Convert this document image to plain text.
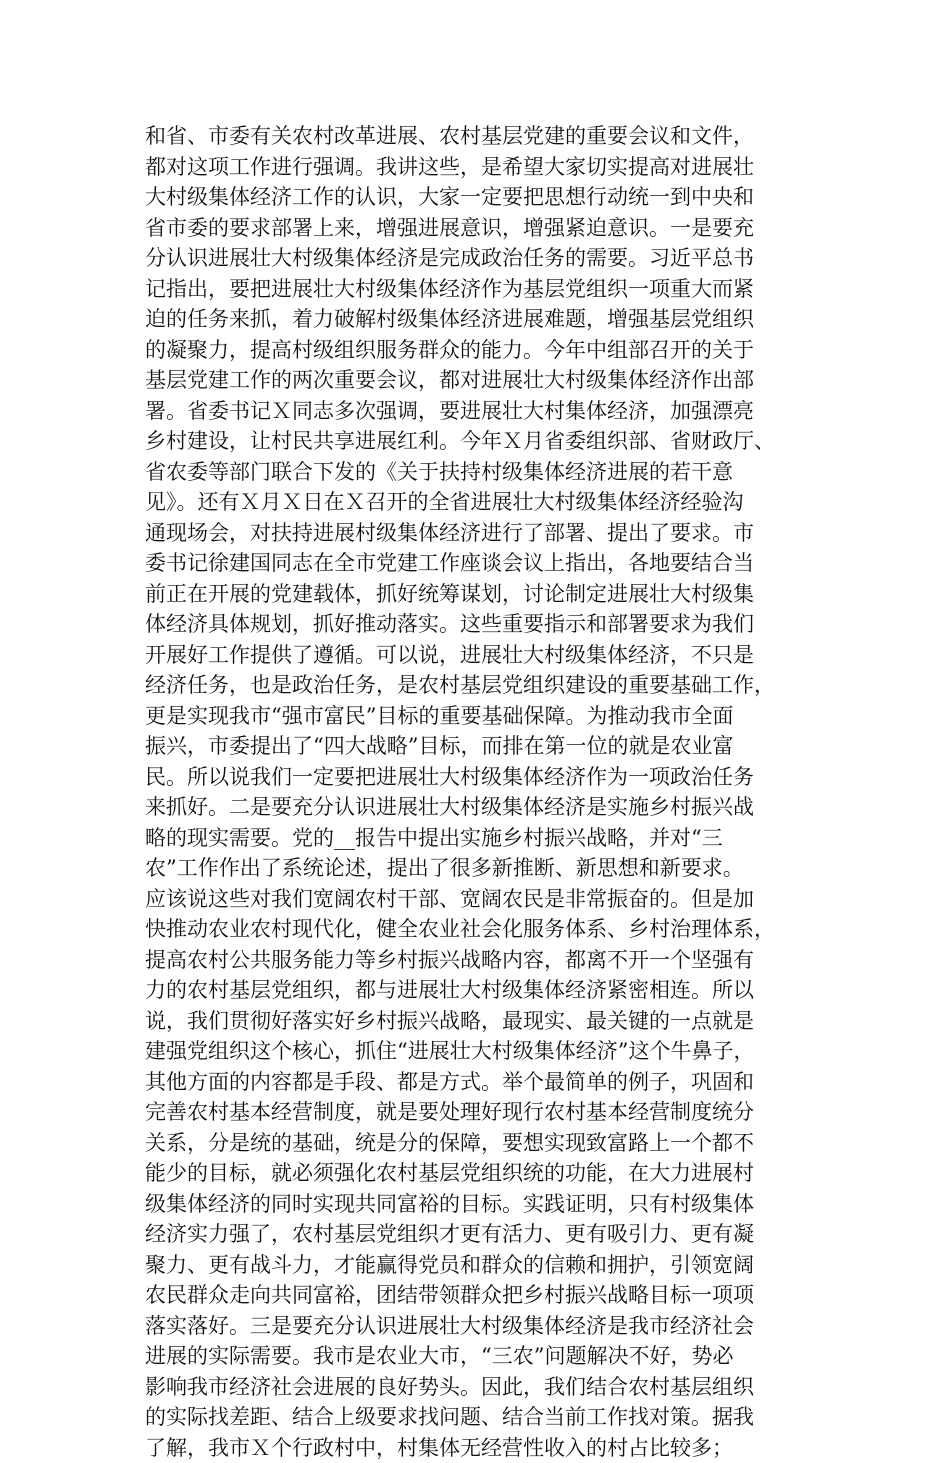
和省、市委有关农村改革进展、农村基层党建的重要会议和文件，
都对这项工作进行强调。我讲这些，是希望大家切实提高对进展壮
大村级集体经济工作的认识，大家一定要把思想行动统一到中央和
省市委的要求部署上来，增强进展意识，增强紧迫意识。一是要充
分认识进展壮大村级集体经济是完成政治任务的需要。习近平总书
记指出，要把进展壮大村级集体经济作为基层党组织一项重大而紧
迫的任务来抓，着力破解村级集体经济进展难题，增强基层党组织
的凝聚力，提高村级组织服务群众的能力。今年中组部召开的关于
基层党建工作的两次重要会议，都对进展壮大村级集体经济作出部
署。省委书记Ｘ同志多次强调，要进展壮大村集体经济，加强漂亮
乡村建设，让村民共享进展红利。今年Ｘ月省委组织部、省财政厅、
省农委等部门联合下发的《关于扶持村级集体经济进展的若干意
见》。还有Ｘ月Ｘ日在Ｘ召开的全省进展壮大村级集体经济经验沟
通现场会，对扶持进展村级集体经济进行了部署、提出了要求。市
委书记徐建国同志在全市党建工作座谈会议上指出，各地要结合当
前正在开展的党建载体，抓好统筹谋划，讨论制定进展壮大村级集
体经济具体规划，抓好推动落实。这些重要指示和部署要求为我们
开展好工作提供了遵循。可以说，进展壮大村级集体经济，不只是
经济任务，也是政治任务，是农村基层党组织建设的重要基础工作，
更是实现我市“强市富民”目标的重要基础保障。为推动我市全面
振兴，市委提出了“四大战略”目标，而排在第一位的就是农业富
民。所以说我们一定要把进展壮大村级集体经济作为一项政治任务
来抓好。二是要充分认识进展壮大村级集体经济是实施乡村振兴战
略的现实需要。党的__报告中提出实施乡村振兴战略，并对“三
农”工作作出了系统论述，提出了很多新推断、新思想和新要求。
应该说这些对我们宽阔农村干部、宽阔农民是非常振奋的。但是加
快推动农业农村现代化，健全农业社会化服务体系、乡村治理体系，
提高农村公共服务能力等乡村振兴战略内容，都离不开一个坚强有
力的农村基层党组织，都与进展壮大村级集体经济紧密相连。所以
说，我们贯彻好落实好乡村振兴战略，最现实、最关键的一点就是
建强党组织这个核心，抓住“进展壮大村级集体经济”这个牛鼻子，
其他方面的内容都是手段、都是方式。举个最简单的例子，巩固和
完善农村基本经营制度，就是要处理好现行农村基本经营制度统分
关系，分是统的基础，统是分的保障，要想实现致富路上一个都不
能少的目标，就必须强化农村基层党组织统的功能，在大力进展村
级集体经济的同时实现共同富裕的目标。实践证明，只有村级集体
经济实力强了，农村基层党组织才更有活力、更有吸引力、更有凝
聚力、更有战斗力，才能赢得党员和群众的信赖和拥护，引领宽阔
农民群众走向共同富裕，团结带领群众把乡村振兴战略目标一项项
落实落好。三是要充分认识进展壮大村级集体经济是我市经济社会
进展的实际需要。我市是农业大市，“三农”问题解决不好，势必
影响我市经济社会进展的良好势头。因此，我们结合农村基层组织
的实际找差距、结合上级要求找问题、结合当前工作找对策。据我
了解，我市Ｘ个行政村中，村集体无经营性收入的村占比较多；
